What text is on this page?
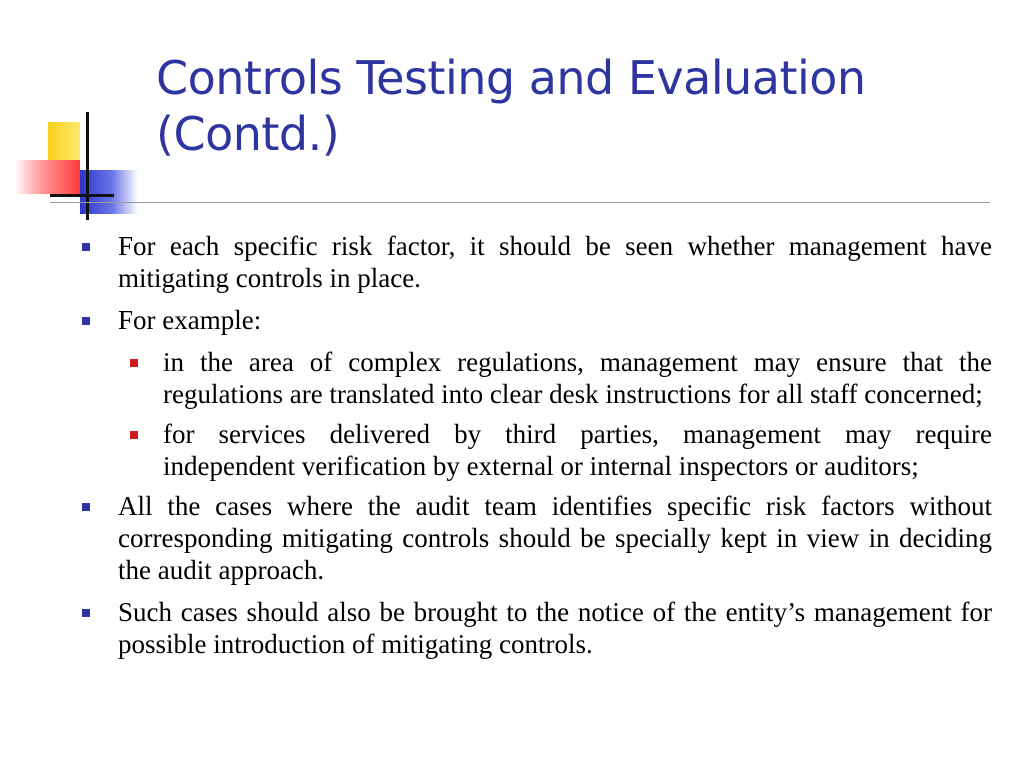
Controls Testing and Evaluation (Contd.)
For each specific risk factor, it should be seen whether management have mitigating controls in place.
For example:
in the area of complex regulations, management may ensure that the regulations are translated into clear desk instructions for all staff concerned;
for services delivered by third parties, management may require independent verification by external or internal inspectors or auditors;
All the cases where the audit team identifies specific risk factors without corresponding mitigating controls should be specially kept in view in deciding the audit approach.
Such cases should also be brought to the notice of the entity’s management for possible introduction of mitigating controls.
